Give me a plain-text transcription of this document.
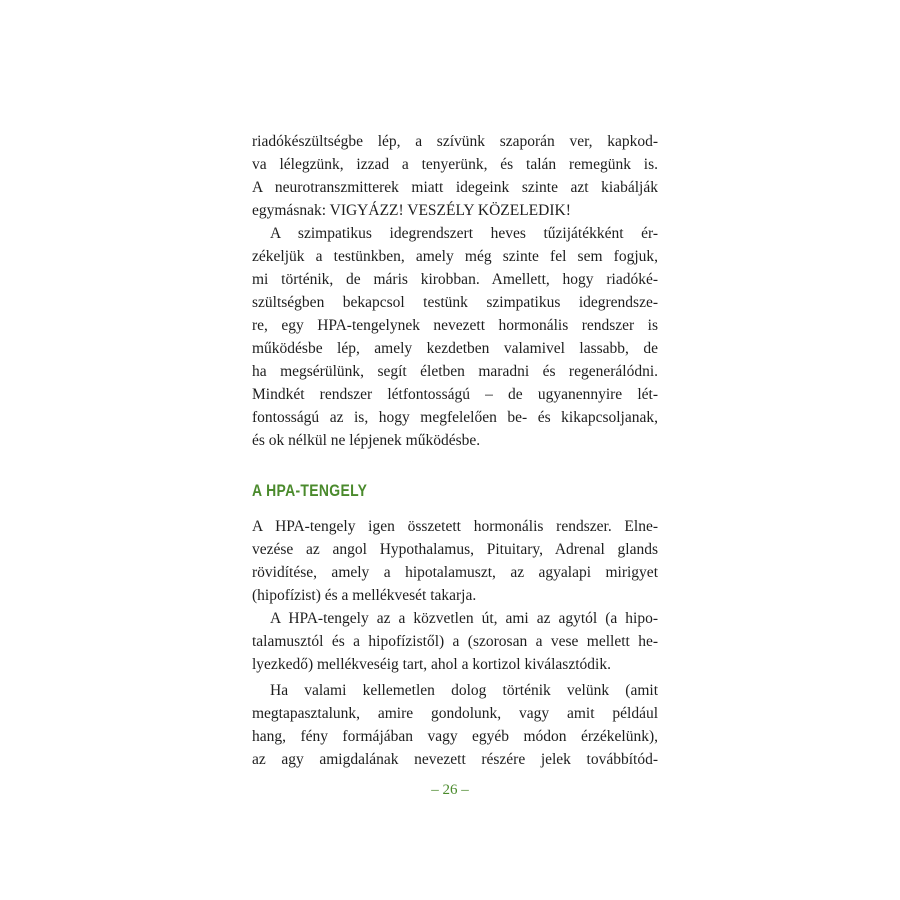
riadókészültségbe lép, a szívünk szaporán ver, kapkod-
va lélegzünk, izzad a tenyerünk, és talán remegünk is.
A neurotranszmitterek miatt idegeink szinte azt kiabálják
egymásnak: VIGYÁZZ! VESZÉLY KÖZELEDIK!
A szimpatikus idegrendszert heves tűzijátékként ér-
zékeljük a testünkben, amely még szinte fel sem fogjuk,
mi történik, de máris kirobban. Amellett, hogy riadóké-
szültségben bekapcsol testünk szimpatikus idegrendsze-
re, egy HPA-tengelynek nevezett hormonális rendszer is
működésbe lép, amely kezdetben valamivel lassabb, de
ha megsérülünk, segít életben maradni és regenerálódni.
Mindkét rendszer létfontosságú – de ugyanennyire lét-
fontosságú az is, hogy megfelelően be- és kikapcsoljanak,
és ok nélkül ne lépjenek működésbe.
A HPA-TENGELY
A HPA-tengely igen összetett hormonális rendszer. Elne-
vezése az angol Hypothalamus, Pituitary, Adrenal glands
rövidítése, amely a hipotalamuszt, az agyalapi mirigyet
(hipofízist) és a mellékvesét takarja.
A HPA-tengely az a közvetlen út, ami az agytól (a hipo-
talamusztól és a hipofízistől) a (szorosan a vese mellett he-
lyezkedő) mellékveséig tart, ahol a kortizol kiválasztódik.
Ha valami kellemetlen dolog történik velünk (amit
megtapasztalunk, amire gondolunk, vagy amit például
hang, fény formájában vagy egyéb módon érzékelünk),
az agy amigdalának nevezett részére jelek továbbítód-
– 26 –
